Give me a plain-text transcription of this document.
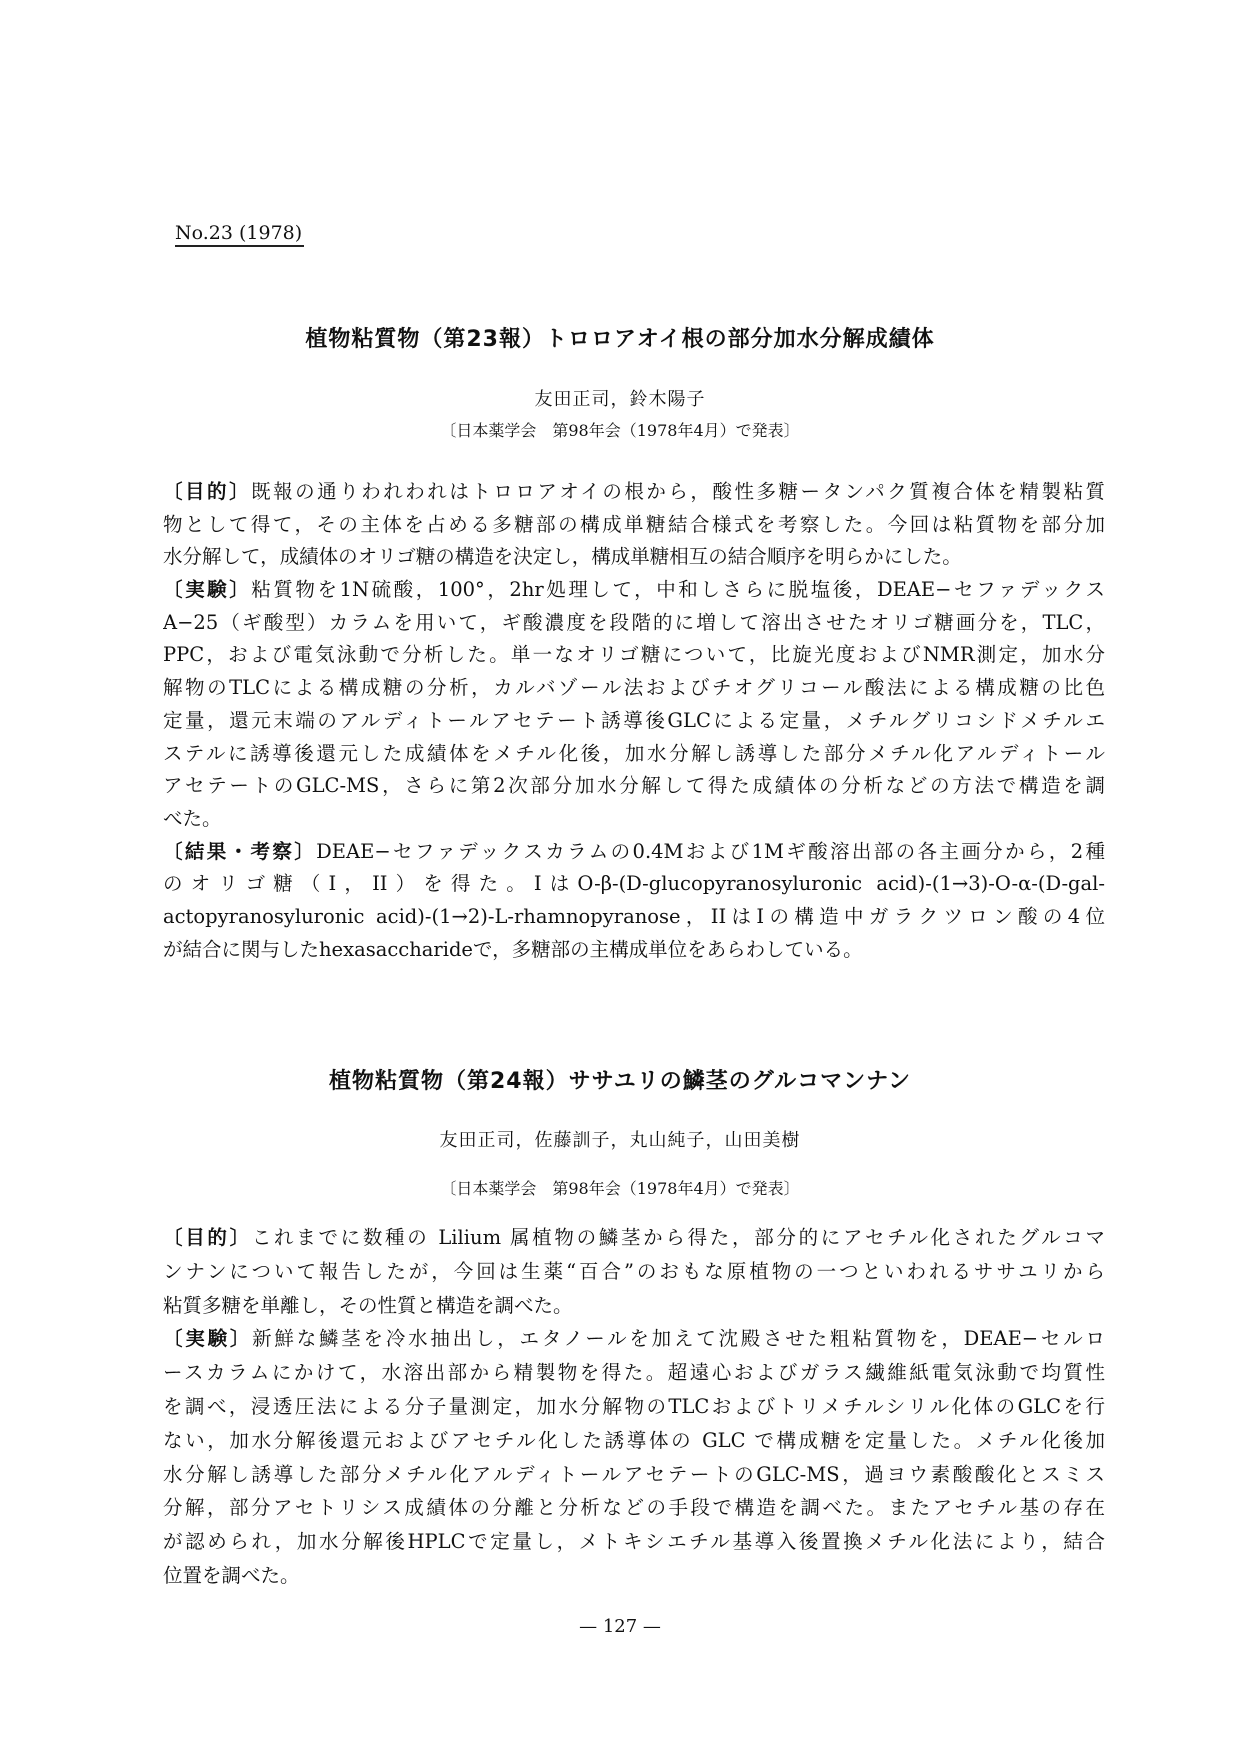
No.23 (1978)
植物粘質物（第23報）トロロアオイ根の部分加水分解成績体
友田正司，鈴木陽子
〔日本薬学会　第98年会（1978年4月）で発表〕
〔目的〕既報の通りわれわれはトロロアオイの根から，酸性多糖ータンパク質複合体を精製粘質
物として得て，その主体を占める多糖部の構成単糖結合様式を考察した。今回は粘質物を部分加
水分解して，成績体のオリゴ糖の構造を決定し，構成単糖相互の結合順序を明らかにした。
〔実験〕粘質物を1N硫酸，100°，2hr処理して，中和しさらに脱塩後，DEAE−セファデックス
A−25（ギ酸型）カラムを用いて，ギ酸濃度を段階的に増して溶出させたオリゴ糖画分を，TLC，
PPC，および電気泳動で分析した。単一なオリゴ糖について，比旋光度およびNMR測定，加水分
解物のTLCによる構成糖の分析，カルバゾール法およびチオグリコール酸法による構成糖の比色
定量，還元末端のアルディトールアセテート誘導後GLCによる定量，メチルグリコシドメチルエ
ステルに誘導後還元した成績体をメチル化後，加水分解し誘導した部分メチル化アルディトール
アセテートのGLC-MS，さらに第2次部分加水分解して得た成績体の分析などの方法で構造を調
べた。
〔結果・考察〕DEAE−セファデックスカラムの0.4Mおよび1Mギ酸溶出部の各主画分から，2種
のオリゴ糖（I，II）を得た。IはO-β-(D-glucopyranosyluronic acid)-(1→3)-O-α-(D-gal-
actopyranosyluronic acid)-(1→2)-L-rhamnopyranose，IIはIの構造中ガラクツロン酸の4位
が結合に関与したhexasaccharideで，多糖部の主構成単位をあらわしている。
植物粘質物（第24報）ササユリの鱗茎のグルコマンナン
友田正司，佐藤訓子，丸山純子，山田美樹
〔日本薬学会　第98年会（1978年4月）で発表〕
〔目的〕これまでに数種の Lilium 属植物の鱗茎から得た，部分的にアセチル化されたグルコマ
ンナンについて報告したが，今回は生薬“百合”のおもな原植物の一つといわれるササユリから
粘質多糖を単離し，その性質と構造を調べた。
〔実験〕新鮮な鱗茎を冷水抽出し，エタノールを加えて沈殿させた粗粘質物を，DEAE−セルロ
ースカラムにかけて，水溶出部から精製物を得た。超遠心およびガラス繊維紙電気泳動で均質性
を調べ，浸透圧法による分子量測定，加水分解物のTLCおよびトリメチルシリル化体のGLCを行
ない，加水分解後還元およびアセチル化した誘導体の GLC で構成糖を定量した。メチル化後加
水分解し誘導した部分メチル化アルディトールアセテートのGLC-MS，過ヨウ素酸酸化とスミス
分解，部分アセトリシス成績体の分離と分析などの手段で構造を調べた。またアセチル基の存在
が認められ，加水分解後HPLCで定量し，メトキシエチル基導入後置換メチル化法により，結合
位置を調べた。
— 127 —
